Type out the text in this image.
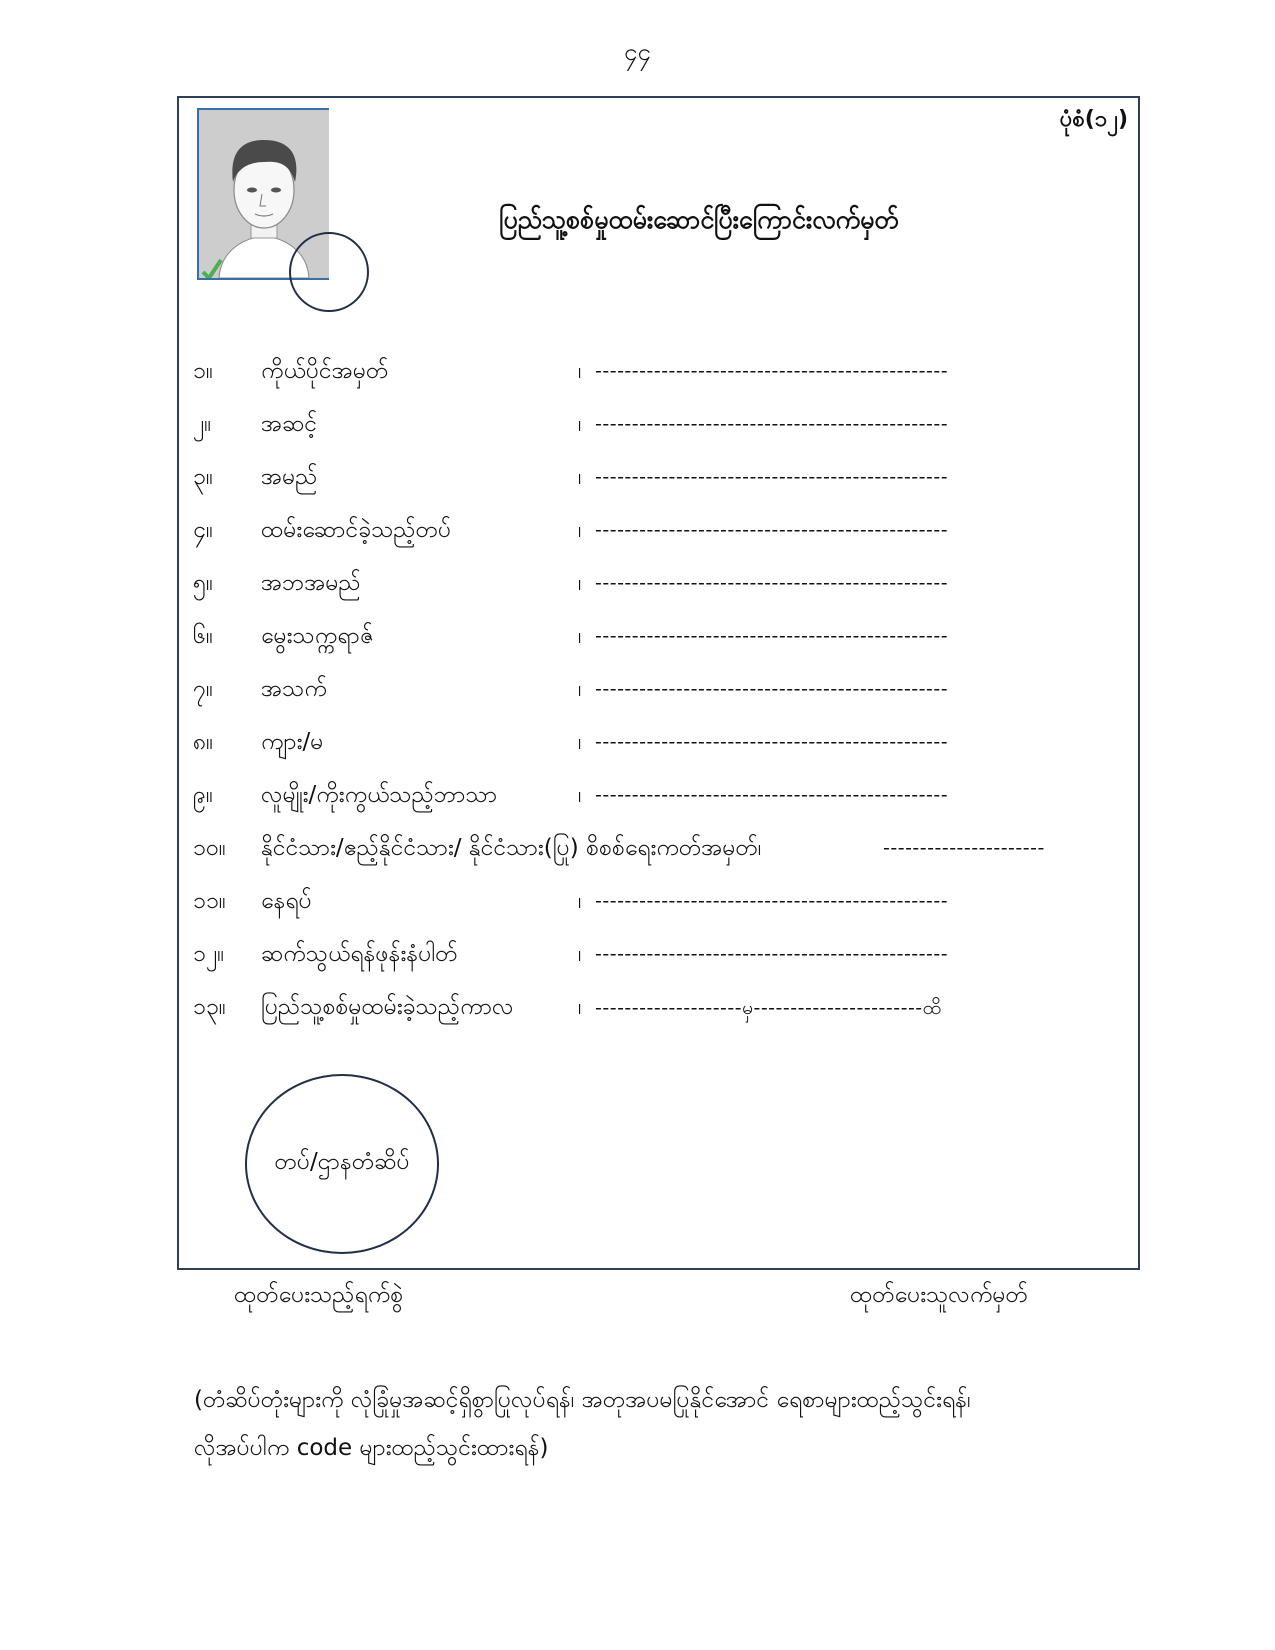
၄၄
ပုံစံ(၁၂)
ပြည်သူ့စစ်မှုထမ်းဆောင်ပြီးကြောင်းလက်မှတ်
၁။ ကိုယ်ပိုင်အမှတ်	၊ ------------------------------------------------
၂။ အဆင့်	၊ ------------------------------------------------
၃။ အမည်	၊ ------------------------------------------------
၄။ ထမ်းဆောင်ခဲ့သည့်တပ်	၊ ------------------------------------------------
၅။ အဘအမည်	၊ ------------------------------------------------
၆။ မွေးသက္ကရာဇ်	၊ ------------------------------------------------
၇။ အသက်	၊ ------------------------------------------------
၈။ ကျား/မ	၊ ------------------------------------------------
၉။ လူမျိုး/ကိုးကွယ်သည့်ဘာသာ	၊ ------------------------------------------------
၁၀။ နိုင်ငံသား/ဧည့်နိုင်ငံသား/ နိုင်ငံသား(ပြု) စိစစ်ရေးကတ်အမှတ်၊	----------------------
၁၁။ နေရပ်	၊ ------------------------------------------------
၁၂။ ဆက်သွယ်ရန်ဖုန်းနံပါတ်	၊ ------------------------------------------------
၁၃။ ပြည်သူ့စစ်မှုထမ်းခဲ့သည့်ကာလ	၊ --------------------မှ-----------------------ထိ
တပ်/ဌာနတံဆိပ်
ထုတ်ပေးသည့်ရက်စွဲ	ထုတ်ပေးသူလက်မှတ်
(တံဆိပ်တုံးများကို လုံခြုံမှုအဆင့်ရှိစွာပြုလုပ်ရန်၊ အတုအပမပြုနိုင်အောင် ရေစာများထည့်သွင်းရန်၊
လိုအပ်ပါက code များထည့်သွင်းထားရန်)
